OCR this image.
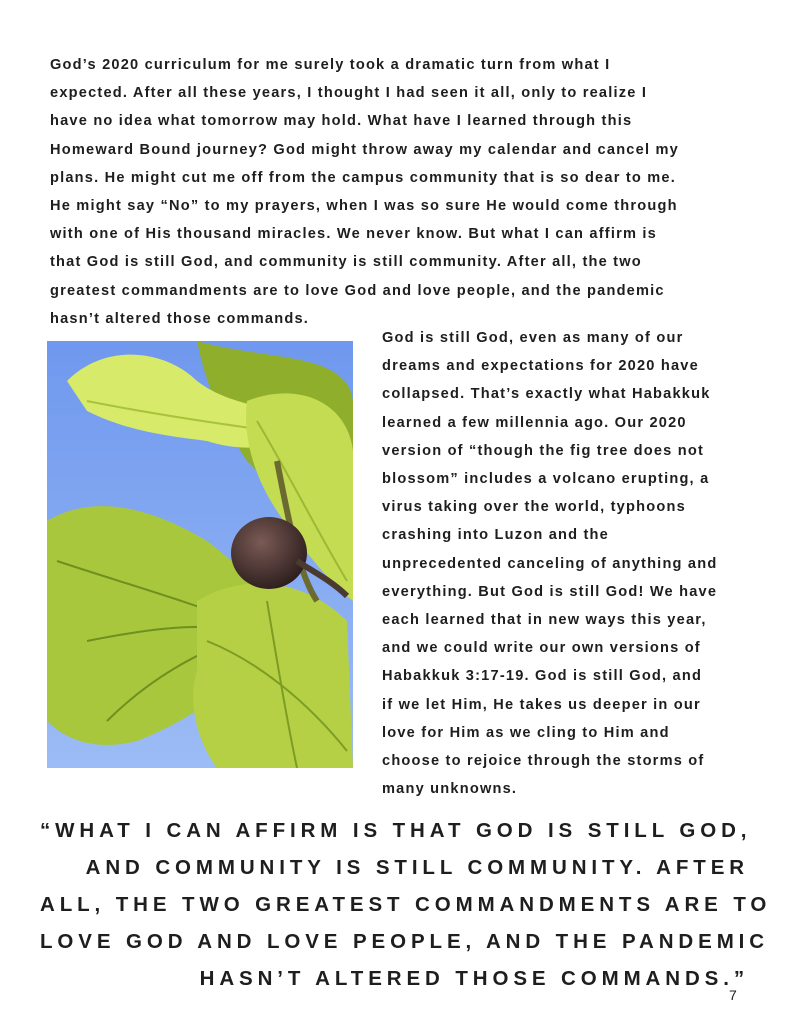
God’s 2020 curriculum for me surely took a dramatic turn from what I
expected. After all these years, I thought I had seen it all, only to realize I
have no idea what tomorrow may hold. What have I learned through this
Homeward Bound journey? God might throw away my calendar and cancel my
plans. He might cut me off from the campus community that is so dear to me.
He might say “No” to my prayers, when I was so sure He would come through
with one of His thousand miracles. We never know. But what I can affirm is
that God is still God, and community is still community. After all, the two
greatest commandments are to love God and love people, and the pandemic
hasn’t altered those commands.
God is still God, even as many of our
dreams and expectations for 2020 have
collapsed. That’s exactly what Habakkuk
learned a few millennia ago. Our 2020
version of “though the fig tree does not
blossom” includes a volcano erupting, a
virus taking over the world, typhoons
crashing into Luzon and the
unprecedented canceling of anything and
everything. But God is still God! We have
each learned that in new ways this year,
and we could write our own versions of
Habakkuk 3:17-19. God is still God, and
if we let Him, He takes us deeper in our
love for Him as we cling to Him and
choose to rejoice through the storms of
many unknowns.
“WHAT I CAN AFFIRM IS THAT GOD IS STILL GOD,
AND COMMUNITY IS STILL COMMUNITY. AFTER
ALL, THE TWO GREATEST COMMANDMENTS ARE TO
LOVE GOD AND LOVE PEOPLE, AND THE PANDEMIC
HASN’T ALTERED THOSE COMMANDS.”
7
